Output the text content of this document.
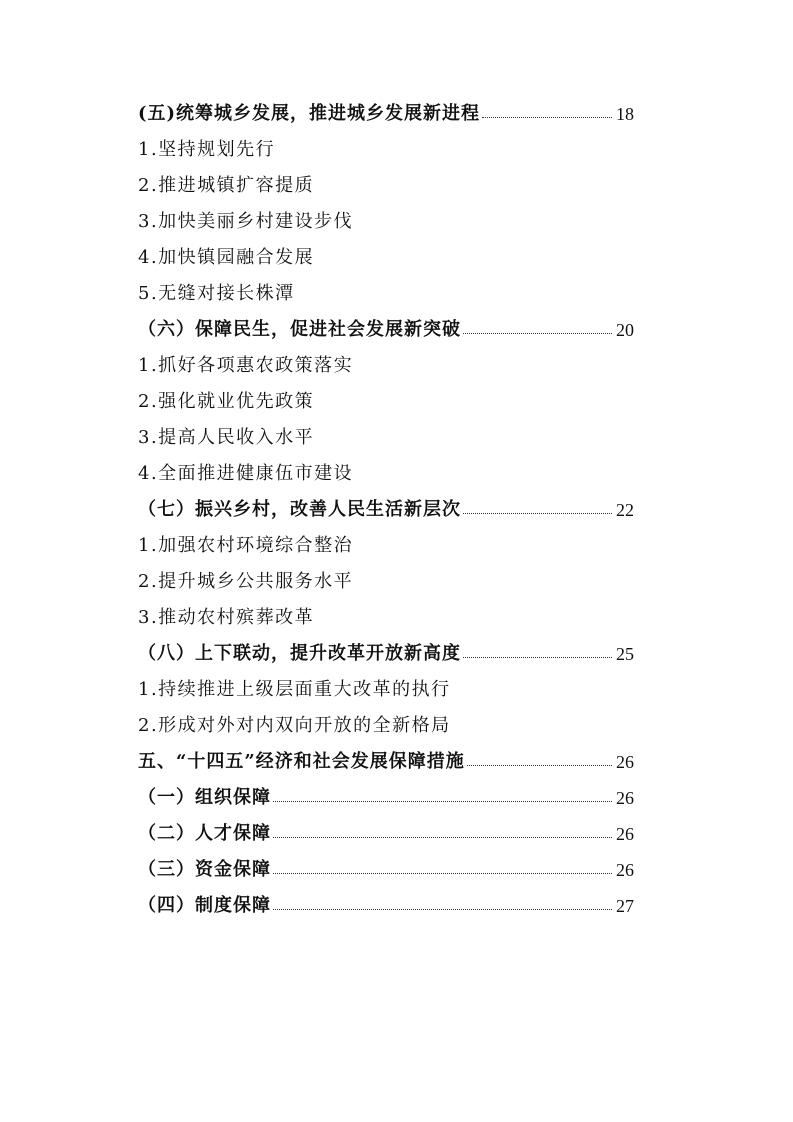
(五)统筹城乡发展，推进城乡发展新进程	18
1.坚持规划先行
2.推进城镇扩容提质
3.加快美丽乡村建设步伐
4.加快镇园融合发展
5.无缝对接长株潭
（六）保障民生，促进社会发展新突破	20
1.抓好各项惠农政策落实
2.强化就业优先政策
3.提高人民收入水平
4.全面推进健康伍市建设
（七）振兴乡村，改善人民生活新层次	22
1.加强农村环境综合整治
2.提升城乡公共服务水平
3.推动农村殡葬改革
（八）上下联动，提升改革开放新高度	25
1.持续推进上级层面重大改革的执行
2.形成对外对内双向开放的全新格局
五、“十四五”经济和社会发展保障措施	26
（一）组织保障	26
（二）人才保障	26
（三）资金保障	26
（四）制度保障	27
